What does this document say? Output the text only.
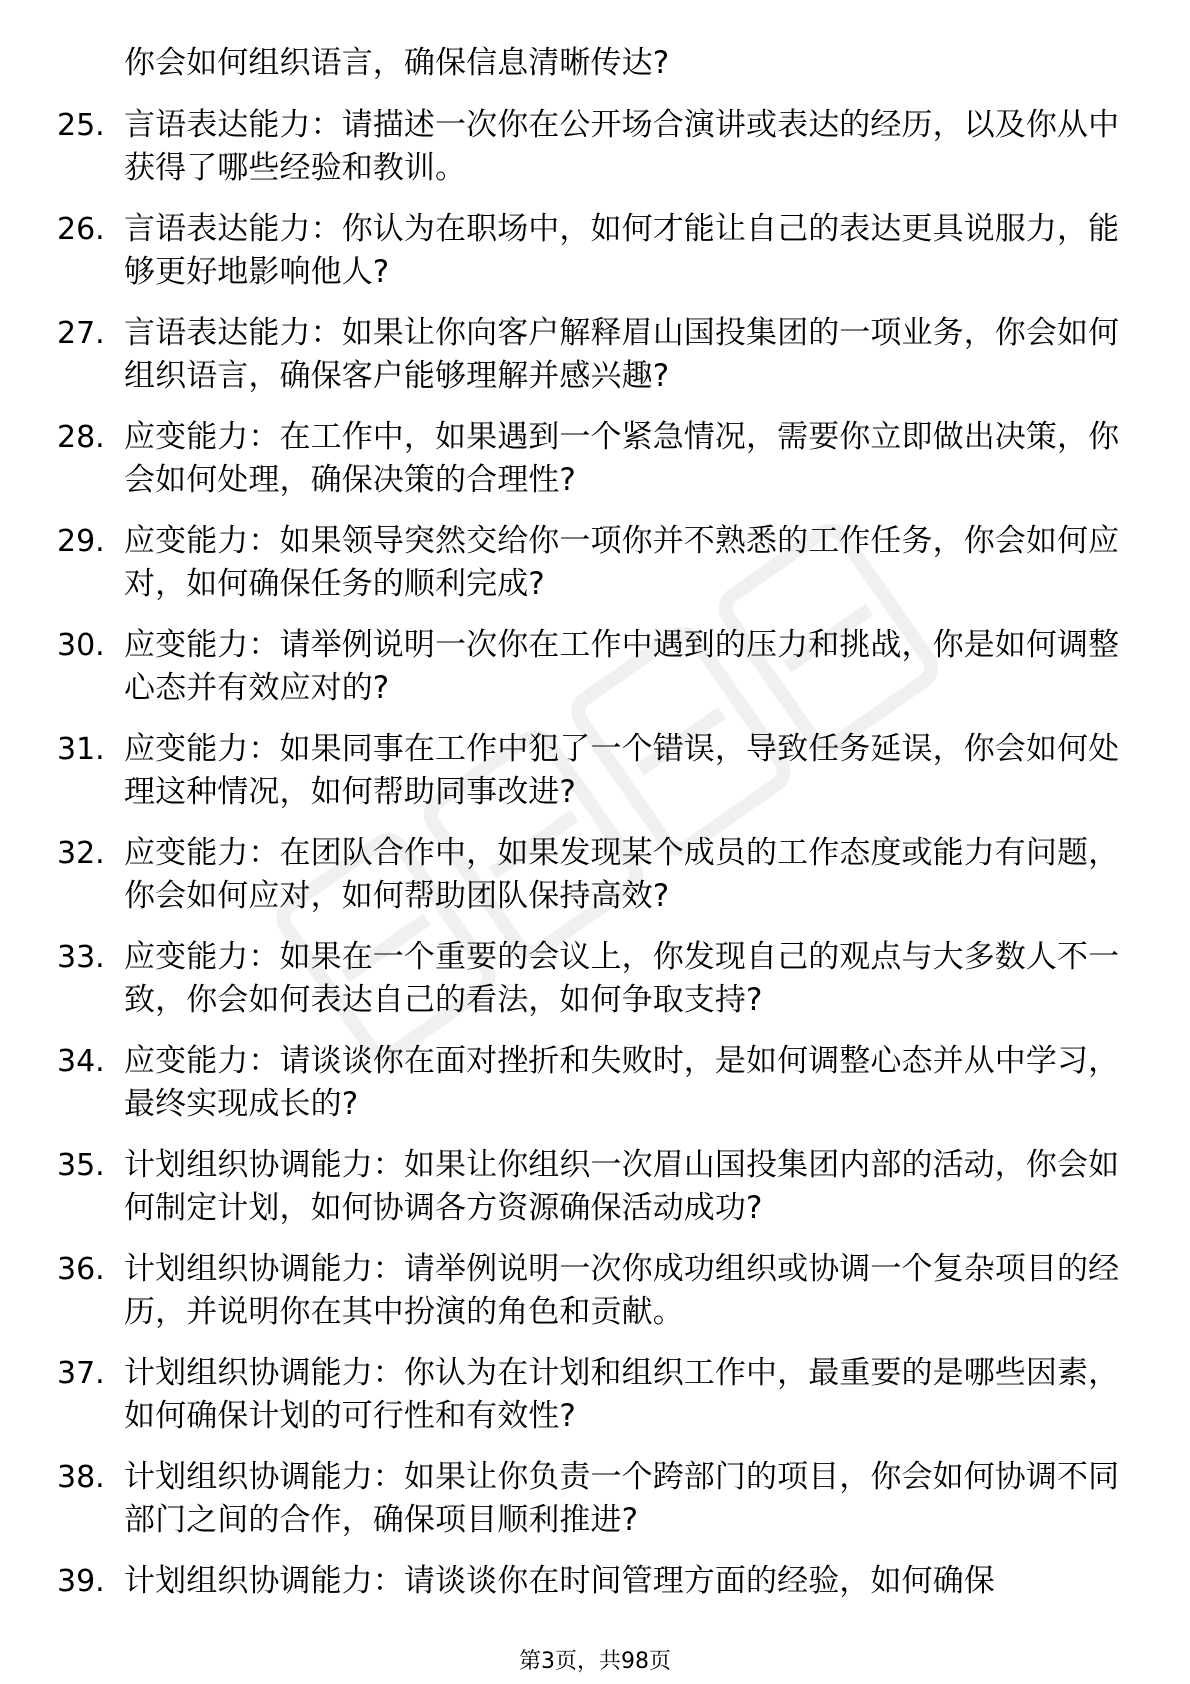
你会如何组织语言，确保信息清晰传达?
25. 言语表达能力：请描述一次你在公开场合演讲或表达的经历，以及你从中获得了哪些经验和教训。
26. 言语表达能力：你认为在职场中，如何才能让自己的表达更具说服力，能够更好地影响他人?
27. 言语表达能力：如果让你向客户解释眉山国投集团的一项业务，你会如何组织语言，确保客户能够理解并感兴趣?
28. 应变能力：在工作中，如果遇到一个紧急情况，需要你立即做出决策，你会如何处理，确保决策的合理性?
29. 应变能力：如果领导突然交给你一项你并不熟悉的工作任务，你会如何应对，如何确保任务的顺利完成?
30. 应变能力：请举例说明一次你在工作中遇到的压力和挑战，你是如何调整心态并有效应对的?
31. 应变能力：如果同事在工作中犯了一个错误，导致任务延误，你会如何处理这种情况，如何帮助同事改进?
32. 应变能力：在团队合作中，如果发现某个成员的工作态度或能力有问题，你会如何应对，如何帮助团队保持高效?
33. 应变能力：如果在一个重要的会议上，你发现自己的观点与大多数人不一致，你会如何表达自己的看法，如何争取支持?
34. 应变能力：请谈谈你在面对挫折和失败时，是如何调整心态并从中学习，最终实现成长的?
35. 计划组织协调能力：如果让你组织一次眉山国投集团内部的活动，你会如何制定计划，如何协调各方资源确保活动成功?
36. 计划组织协调能力：请举例说明一次你成功组织或协调一个复杂项目的经历，并说明你在其中扮演的角色和贡献。
37. 计划组织协调能力：你认为在计划和组织工作中，最重要的是哪些因素，如何确保计划的可行性和有效性?
38. 计划组织协调能力：如果让你负责一个跨部门的项目，你会如何协调不同部门之间的合作，确保项目顺利推进?
39. 计划组织协调能力：请谈谈你在时间管理方面的经验，如何确保
第3页，共98页
